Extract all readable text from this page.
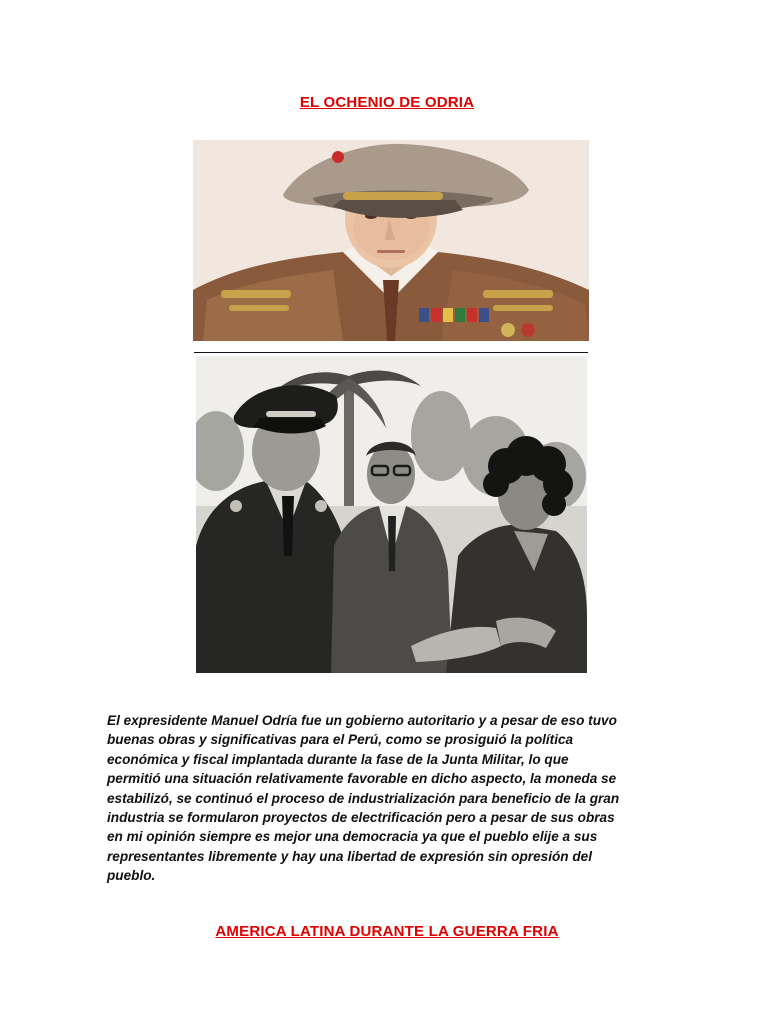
EL OCHENIO DE ODRIA
El expresidente Manuel Odría fue un gobierno autoritario y a pesar de eso tuvo
buenas obras y significativas para el Perú, como se prosiguió la política
económica y fiscal implantada durante la fase de la Junta Militar, lo que
permitió una situación relativamente favorable en dicho aspecto, la moneda se
estabilizó, se continuó el proceso de industrialización para beneficio de la gran
industria se formularon proyectos de electrificación pero a pesar de sus obras
en mi opinión siempre es mejor una democracia ya que el pueblo elije a sus
representantes libremente y hay una libertad de expresión sin opresión del
pueblo.
AMERICA LATINA DURANTE LA GUERRA FRIA
